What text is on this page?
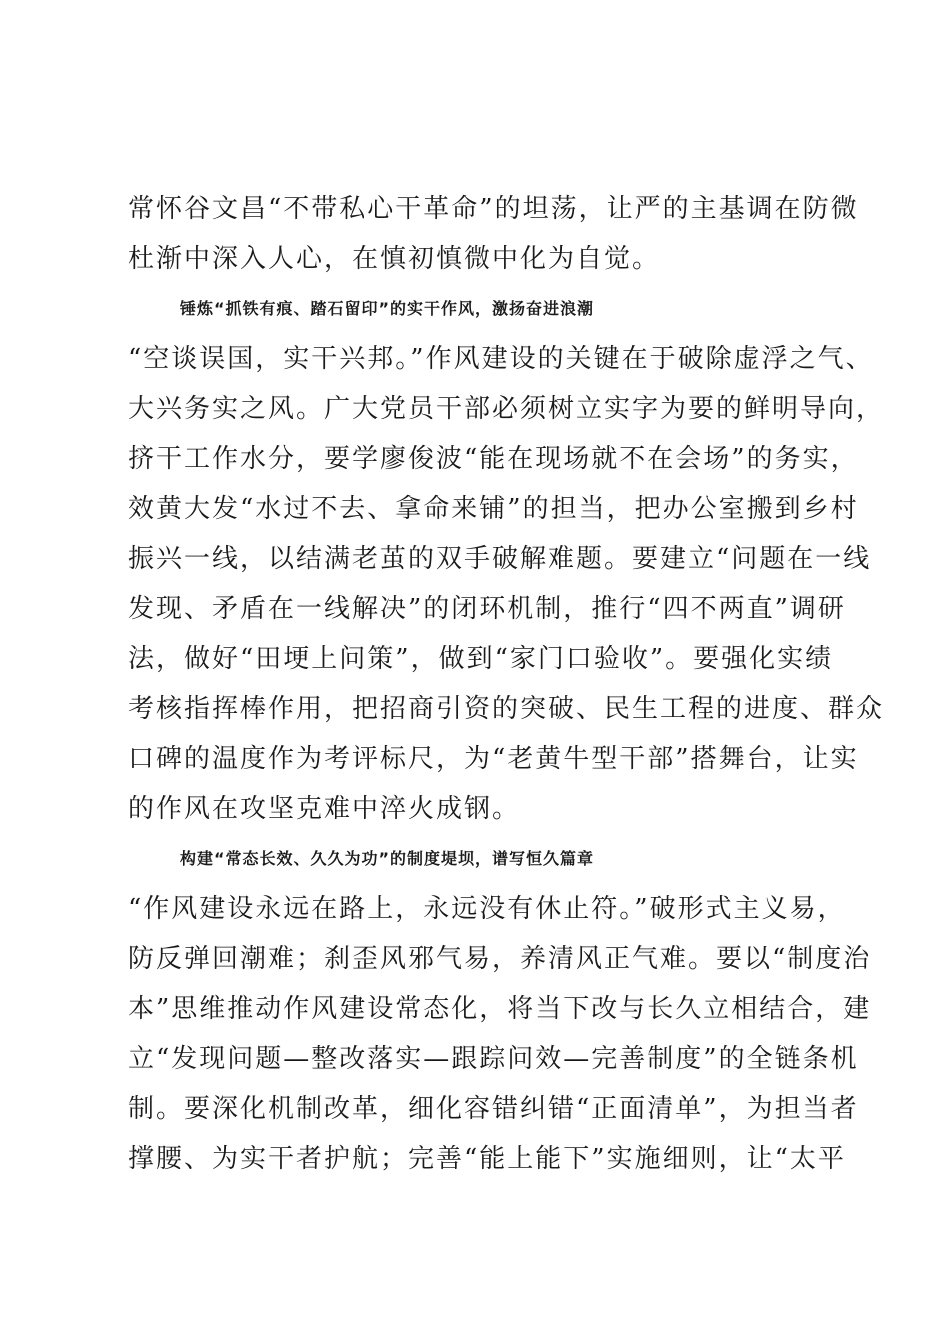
常怀谷文昌“不带私心干革命”的坦荡，让严的主基调在防微
杜渐中深入人心，在慎初慎微中化为自觉。
锤炼“抓铁有痕、踏石留印”的实干作风，激扬奋进浪潮
“空谈误国，实干兴邦。”作风建设的关键在于破除虚浮之气、
大兴务实之风。广大党员干部必须树立实字为要的鲜明导向，
挤干工作水分，要学廖俊波“能在现场就不在会场”的务实，
效黄大发“水过不去、拿命来铺”的担当，把办公室搬到乡村
振兴一线，以结满老茧的双手破解难题。要建立“问题在一线
发现、矛盾在一线解决”的闭环机制，推行“四不两直”调研
法，做好“田埂上问策”，做到“家门口验收”。要强化实绩
考核指挥棒作用，把招商引资的突破、民生工程的进度、群众
口碑的温度作为考评标尺，为“老黄牛型干部”搭舞台，让实
的作风在攻坚克难中淬火成钢。
构建“常态长效、久久为功”的制度堤坝，谱写恒久篇章
“作风建设永远在路上，永远没有休止符。”破形式主义易，
防反弹回潮难；刹歪风邪气易，养清风正气难。要以“制度治
本”思维推动作风建设常态化，将当下改与长久立相结合，建
立“发现问题—整改落实—跟踪问效—完善制度”的全链条机
制。要深化机制改革，细化容错纠错“正面清单”，为担当者
撑腰、为实干者护航；完善“能上能下”实施细则，让“太平
